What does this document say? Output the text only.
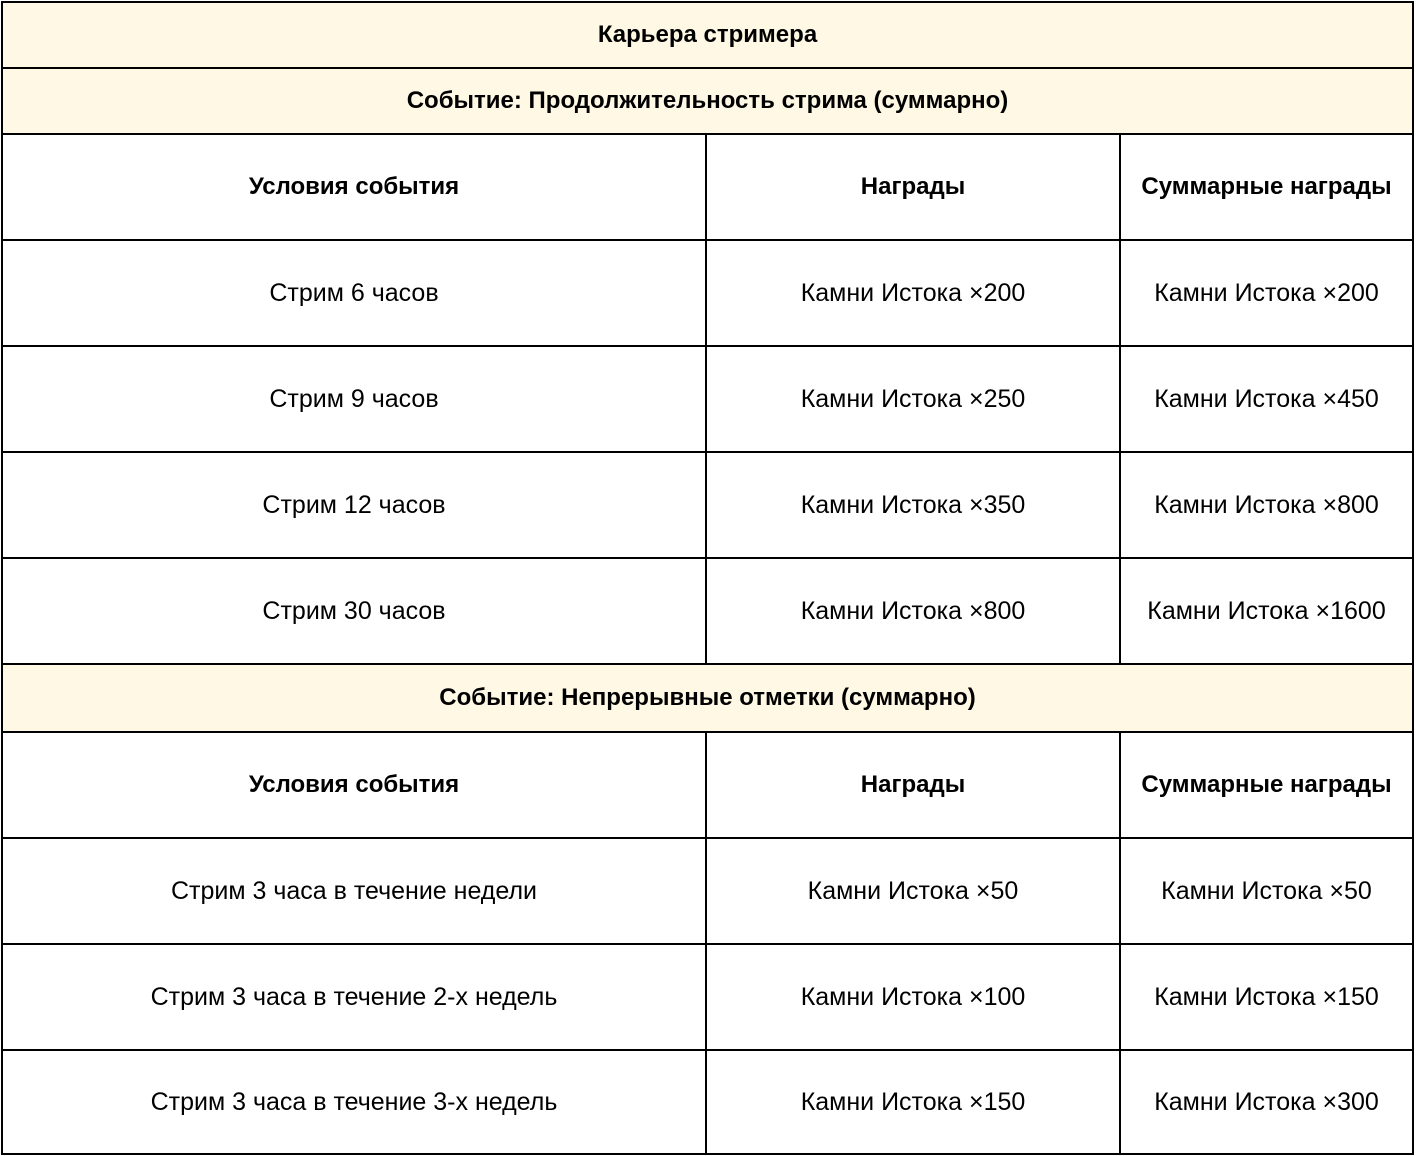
Карьера стримера
Событие: Продолжительность стрима (суммарно)
Условия события	Награды	Суммарные награды
Стрим 6 часов	Камни Истока ×200	Камни Истока ×200
Стрим 9 часов	Камни Истока ×250	Камни Истока ×450
Стрим 12 часов	Камни Истока ×350	Камни Истока ×800
Стрим 30 часов	Камни Истока ×800	Камни Истока ×1600
Событие: Непрерывные отметки (суммарно)
Условия события	Награды	Суммарные награды
Стрим 3 часа в течение недели	Камни Истока ×50	Камни Истока ×50
Стрим 3 часа в течение 2-х недель	Камни Истока ×100	Камни Истока ×150
Стрим 3 часа в течение 3-х недель	Камни Истока ×150	Камни Истока ×300
